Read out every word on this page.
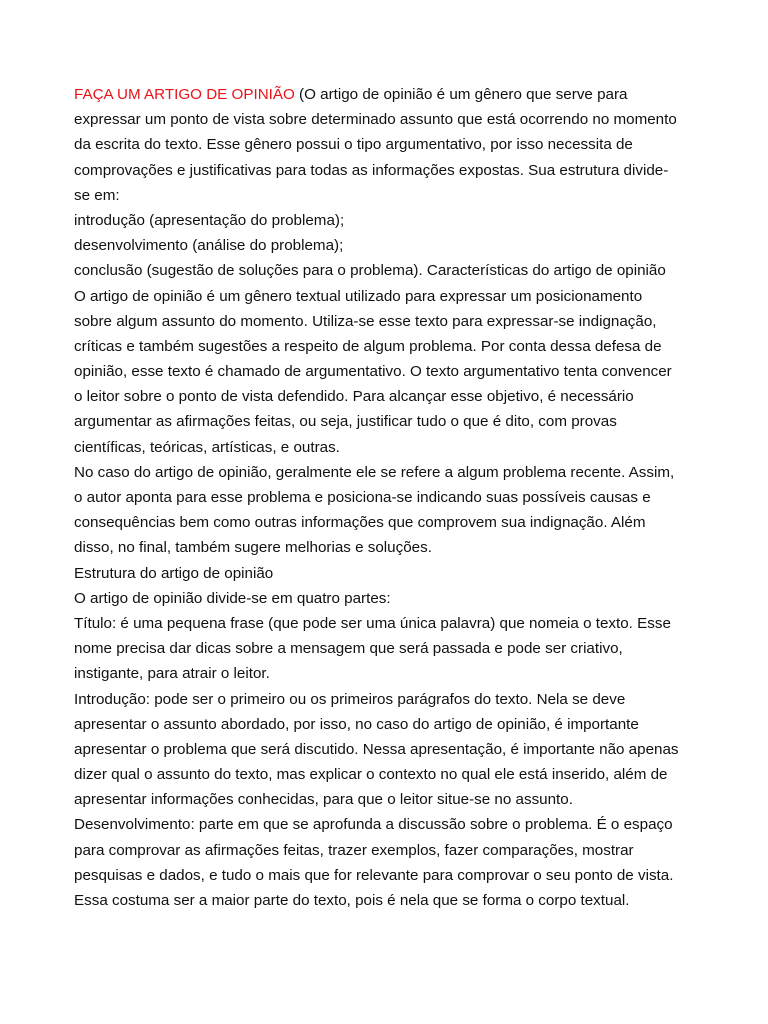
FAÇA UM ARTIGO DE OPINIÃO (O artigo de opinião é um gênero que serve para
expressar um ponto de vista sobre determinado assunto que está ocorrendo no momento
da escrita do texto. Esse gênero possui o tipo argumentativo, por isso necessita de
comprovações e justificativas para todas as informações expostas. Sua estrutura divide-
se em:
introdução (apresentação do problema);
desenvolvimento (análise do problema);
conclusão (sugestão de soluções para o problema). Características do artigo de opinião
O artigo de opinião é um gênero textual utilizado para expressar um posicionamento
sobre algum assunto do momento. Utiliza-se esse texto para expressar-se indignação,
críticas e também sugestões a respeito de algum problema. Por conta dessa defesa de
opinião, esse texto é chamado de argumentativo. O texto argumentativo tenta convencer
o leitor sobre o ponto de vista defendido. Para alcançar esse objetivo, é necessário
argumentar as afirmações feitas, ou seja, justificar tudo o que é dito, com provas
científicas, teóricas, artísticas, e outras.
No caso do artigo de opinião, geralmente ele se refere a algum problema recente. Assim,
o autor aponta para esse problema e posiciona-se indicando suas possíveis causas e
consequências bem como outras informações que comprovem sua indignação. Além
disso, no final, também sugere melhorias e soluções.
Estrutura do artigo de opinião
O artigo de opinião divide-se em quatro partes:
Título: é uma pequena frase (que pode ser uma única palavra) que nomeia o texto. Esse
nome precisa dar dicas sobre a mensagem que será passada e pode ser criativo,
instigante, para atrair o leitor.
Introdução: pode ser o primeiro ou os primeiros parágrafos do texto. Nela se deve
apresentar o assunto abordado, por isso, no caso do artigo de opinião, é importante
apresentar o problema que será discutido. Nessa apresentação, é importante não apenas
dizer qual o assunto do texto, mas explicar o contexto no qual ele está inserido, além de
apresentar informações conhecidas, para que o leitor situe-se no assunto.
Desenvolvimento: parte em que se aprofunda a discussão sobre o problema. É o espaço
para comprovar as afirmações feitas, trazer exemplos, fazer comparações, mostrar
pesquisas e dados, e tudo o mais que for relevante para comprovar o seu ponto de vista.
Essa costuma ser a maior parte do texto, pois é nela que se forma o corpo textual.
